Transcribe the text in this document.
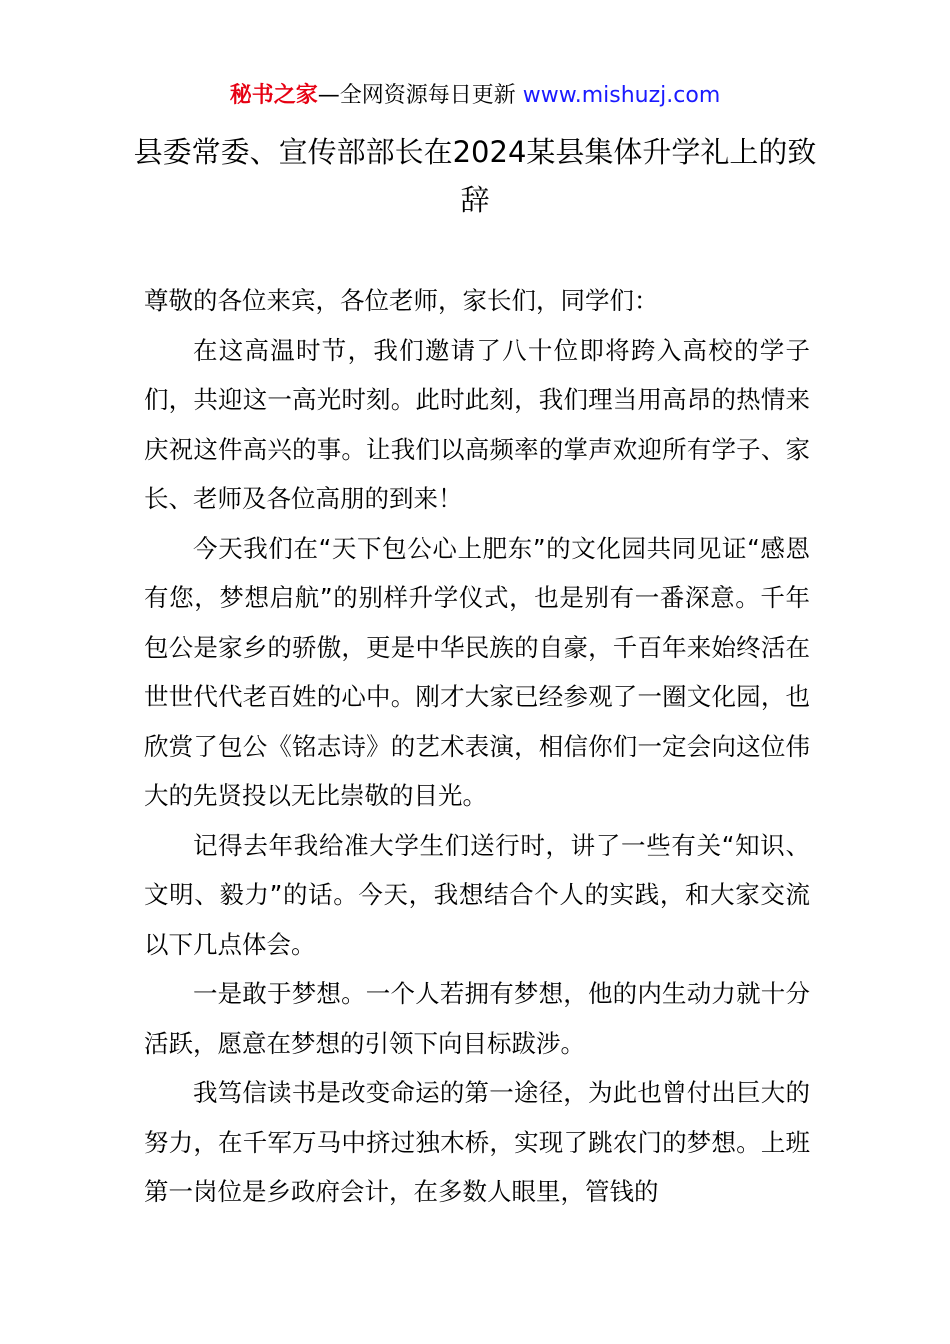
秘书之家—全网资源每日更新 www.mishuzj.com
县委常委、宣传部部长在2024某县集体升学礼上的致辞

尊敬的各位来宾，各位老师，家长们，同学们：

在这高温时节，我们邀请了八十位即将跨入高校的学子们，共迎这一高光时刻。此时此刻，我们理当用高昂的热情来庆祝这件高兴的事。让我们以高频率的掌声欢迎所有学子、家长、老师及各位高朋的到来！

今天我们在“天下包公心上肥东”的文化园共同见证“感恩有您，梦想启航”的别样升学仪式，也是别有一番深意。千年包公是家乡的骄傲，更是中华民族的自豪，千百年来始终活在世世代代老百姓的心中。刚才大家已经参观了一圈文化园，也欣赏了包公《铭志诗》的艺术表演，相信你们一定会向这位伟大的先贤投以无比崇敬的目光。

记得去年我给准大学生们送行时，讲了一些有关“知识、文明、毅力”的话。今天，我想结合个人的实践，和大家交流以下几点体会。

一是敢于梦想。一个人若拥有梦想，他的内生动力就十分活跃，愿意在梦想的引领下向目标跋涉。

我笃信读书是改变命运的第一途径，为此也曾付出巨大的努力，在千军万马中挤过独木桥，实现了跳农门的梦想。上班第一岗位是乡政府会计，在多数人眼里，管钱的
